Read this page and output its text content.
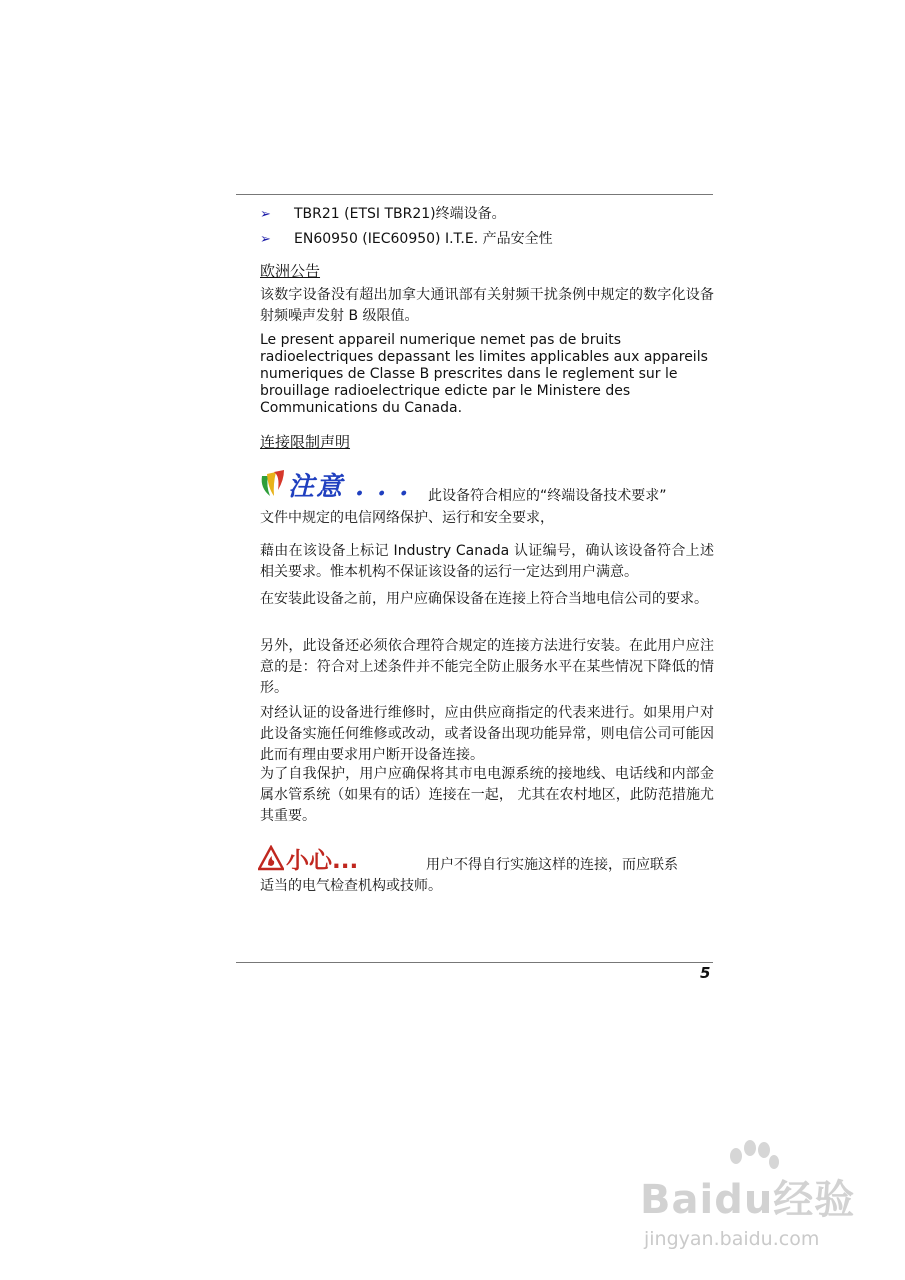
➢ TBR21 (ETSI TBR21)终端设备。
➢ EN60950 (IEC60950) I.T.E. 产品安全性
欧洲公告
该数字设备没有超出加拿大通讯部有关射频干扰条例中规定的数字化设备射频噪声发射 B 级限值。
Le present appareil numerique nemet pas de bruits radioelectriques depassant les limites applicables aux appareils numeriques de Classe B prescrites dans le reglement sur le brouillage radioelectrique edicte par le Ministere des Communications du Canada.
连接限制声明
注意 . . . 此设备符合相应的“终端设备技术要求”
文件中规定的电信网络保护、运行和安全要求，
藉由在该设备上标记 Industry Canada 认证编号，确认该设备符合上述相关要求。惟本机构不保证该设备的运行一定达到用户满意。
在安装此设备之前，用户应确保设备在连接上符合当地电信公司的要求。
另外，此设备还必须依合理符合规定的连接方法进行安装。在此用户应注意的是：符合对上述条件并不能完全防止服务水平在某些情况下降低的情形。
对经认证的设备进行维修时，应由供应商指定的代表来进行。如果用户对此设备实施任何维修或改动，或者设备出现功能异常，则电信公司可能因此而有理由要求用户断开设备连接。
为了自我保护，用户应确保将其市电电源系统的接地线、电话线和内部金属水管系统（如果有的话）连接在一起， 尤其在农村地区，此防范措施尤其重要。
小心...	用户不得自行实施这样的连接，而应联系
适当的电气检查机构或技师。
5
Baidu经验
jingyan.baidu.com
